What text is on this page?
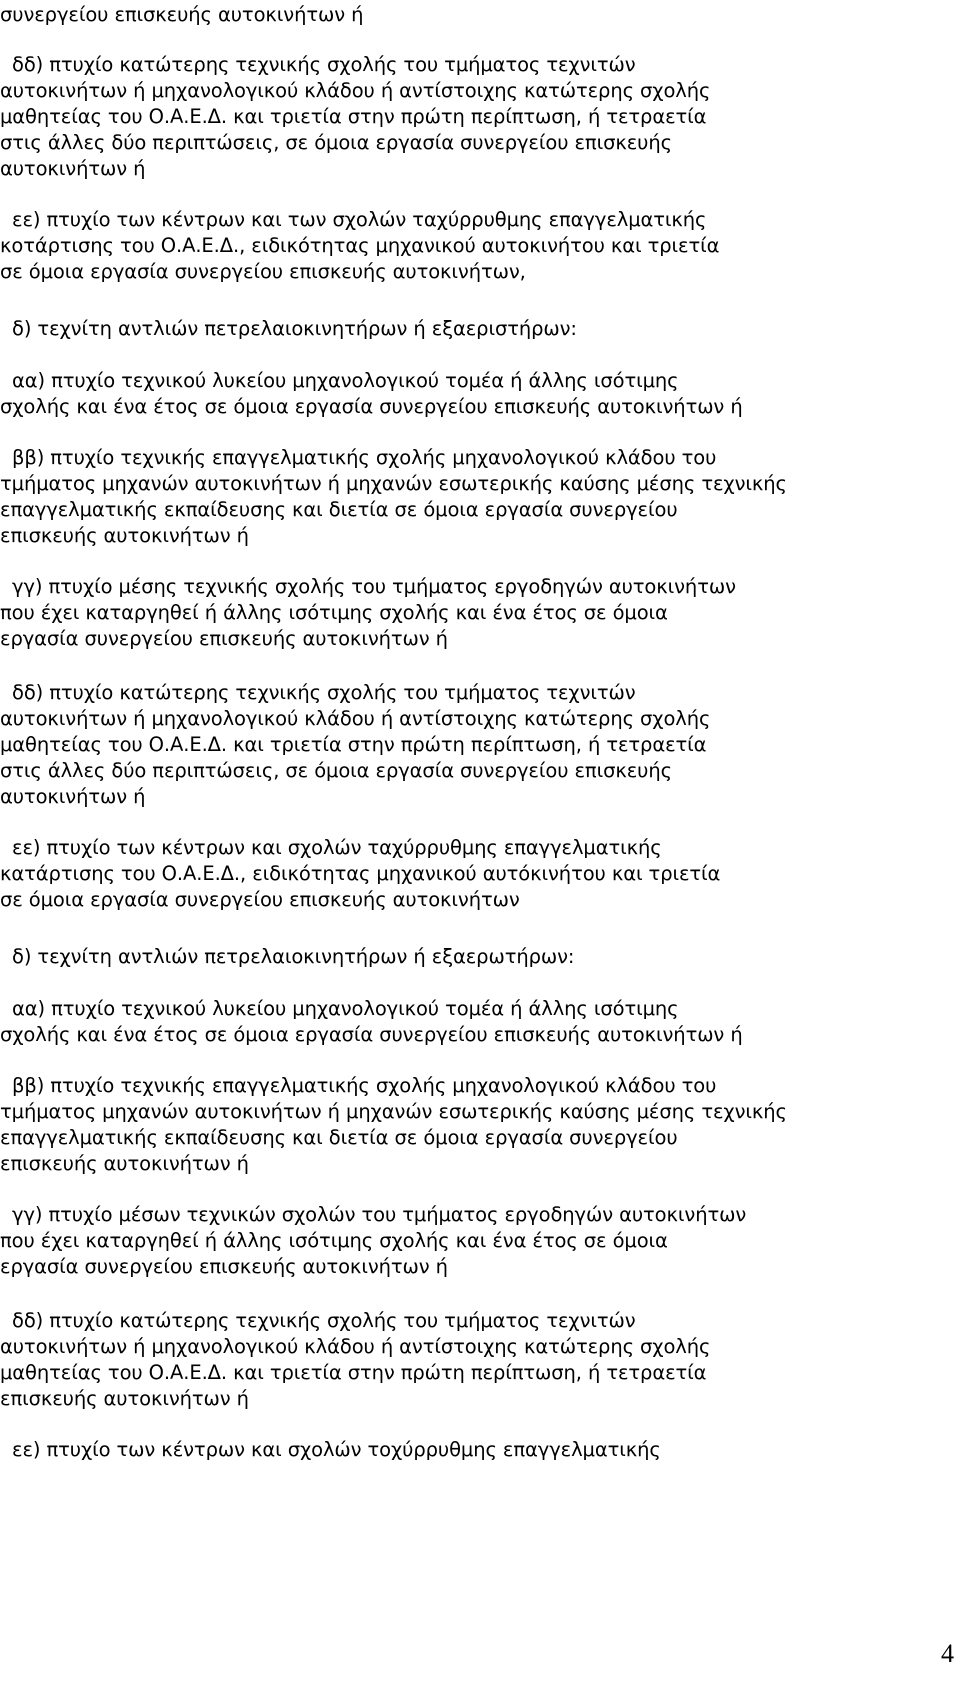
συνεργείου επισκευής αυτοκινήτων ή
δδ) πτυχίο κατώτερης τεχνικής σχολής του τμήματος τεχνιτών
αυτοκινήτων ή μηχανολογικού κλάδου ή αντίστοιχης κατώτερης σχολής
μαθητείας του Ο.Α.Ε.Δ. και τριετία στην πρώτη περίπτωση, ή τετραετία
στις άλλες δύο περιπτώσεις, σε όμοια εργασία συνεργείου επισκευής
αυτοκινήτων ή
εε) πτυχίο των κέντρων και των σχολών ταχύρρυθμης επαγγελματικής
κοτάρτισης του Ο.Α.Ε.Δ., ειδικότητας μηχανικού αυτοκινήτου και τριετία
σε όμοια εργασία συνεργείου επισκευής αυτοκινήτων,
δ) τεχνίτη αντλιών πετρελαιοκινητήρων ή εξαεριστήρων:
αα) πτυχίο τεχνικού λυκείου μηχανολογικού τομέα ή άλλης ισότιμης
σχολής και ένα έτος σε όμοια εργασία συνεργείου επισκευής αυτοκινήτων ή
ββ) πτυχίο τεχνικής επαγγελματικής σχολής μηχανολογικού κλάδου του
τμήματος μηχανών αυτοκινήτων ή μηχανών εσωτερικής καύσης μέσης τεχνικής
επαγγελματικής εκπαίδευσης και διετία σε όμοια εργασία συνεργείου
επισκευής αυτοκινήτων ή
γγ) πτυχίο μέσης τεχνικής σχολής του τμήματος εργοδηγών αυτοκινήτων
που έχει καταργηθεί ή άλλης ισότιμης σχολής και ένα έτος σε όμοια
εργασία συνεργείου επισκευής αυτοκινήτων ή
δδ) πτυχίο κατώτερης τεχνικής σχολής του τμήματος τεχνιτών
αυτοκινήτων ή μηχανολογικού κλάδου ή αντίστοιχης κατώτερης σχολής
μαθητείας του Ο.Α.Ε.Δ. και τριετία στην πρώτη περίπτωση, ή τετραετία
στις άλλες δύο περιπτώσεις, σε όμοια εργασία συνεργείου επισκευής
αυτοκινήτων ή
εε) πτυχίο των κέντρων και σχολών ταχύρρυθμης επαγγελματικής
κατάρτισης του Ο.Α.Ε.Δ., ειδικότητας μηχανικού αυτόκινήτου και τριετία
σε όμοια εργασία συνεργείου επισκευής αυτοκινήτων
δ) τεχνίτη αντλιών πετρελαιοκινητήρων ή εξαερωτήρων:
αα) πτυχίο τεχνικού λυκείου μηχανολογικού τομέα ή άλλης ισότιμης
σχολής και ένα έτος σε όμοια εργασία συνεργείου επισκευής αυτοκινήτων ή
ββ) πτυχίο τεχνικής επαγγελματικής σχολής μηχανολογικού κλάδου του
τμήματος μηχανών αυτοκινήτων ή μηχανών εσωτερικής καύσης μέσης τεχνικής
επαγγελματικής εκπαίδευσης και διετία σε όμοια εργασία συνεργείου
επισκευής αυτοκινήτων ή
γγ) πτυχίο μέσων τεχνικών σχολών του τμήματος εργοδηγών αυτοκινήτων
που έχει καταργηθεί ή άλλης ισότιμης σχολής και ένα έτος σε όμοια
εργασία συνεργείου επισκευής αυτοκινήτων ή
δδ) πτυχίο κατώτερης τεχνικής σχολής του τμήματος τεχνιτών
αυτοκινήτων ή μηχανολογικού κλάδου ή αντίστοιχης κατώτερης σχολής
μαθητείας του Ο.Α.Ε.Δ. και τριετία στην πρώτη περίπτωση, ή τετραετία
επισκευής αυτοκινήτων ή
εε) πτυχίο των κέντρων και σχολών τοχύρρυθμης επαγγελματικής
4
